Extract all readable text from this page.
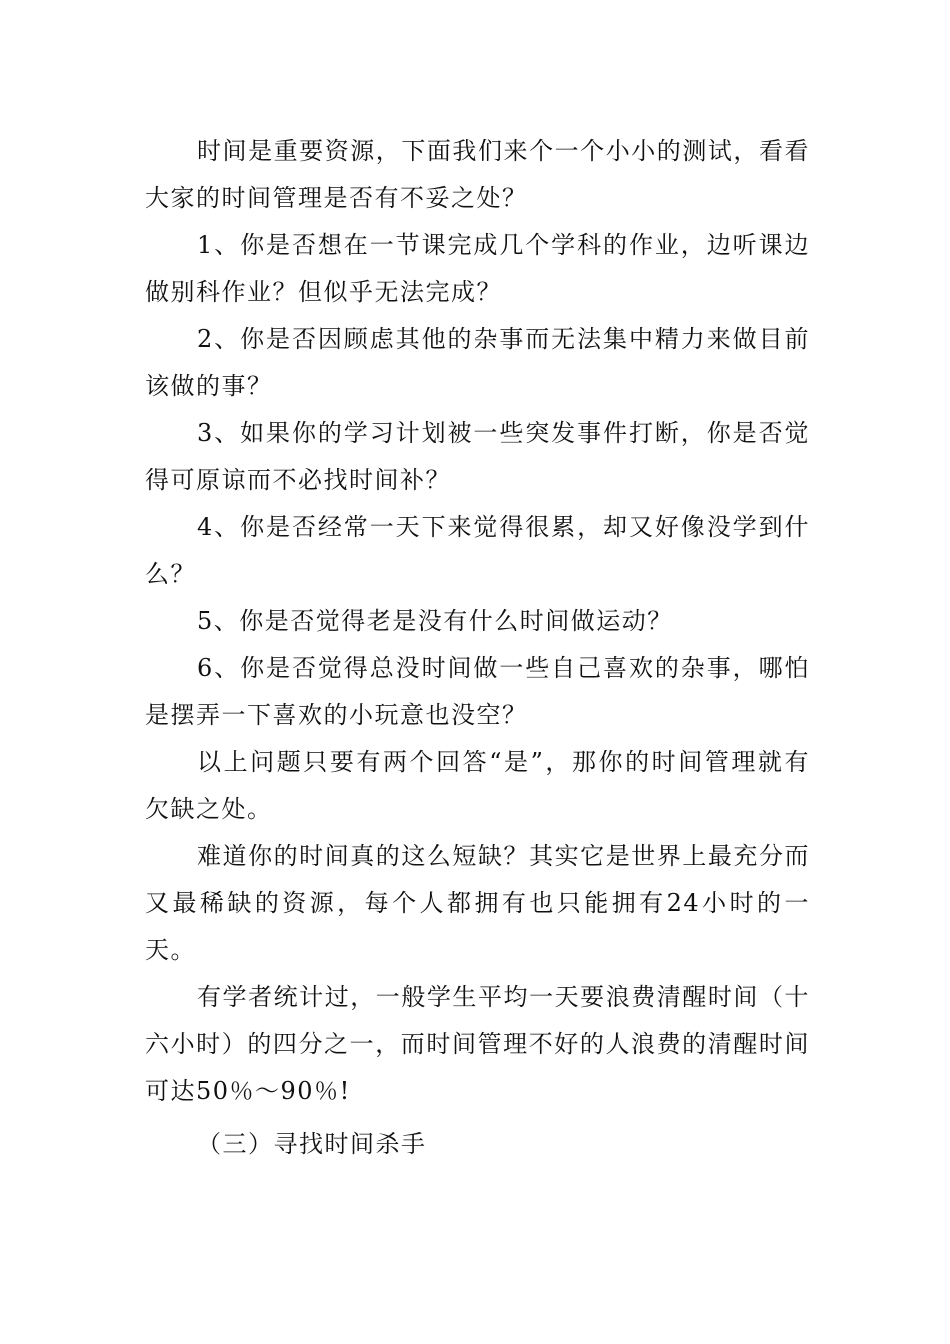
时间是重要资源，下面我们来个一个小小的测试，看看大家的时间管理是否有不妥之处？

1、你是否想在一节课完成几个学科的作业，边听课边做别科作业？但似乎无法完成？

2、你是否因顾虑其他的杂事而无法集中精力来做目前该做的事？

3、如果你的学习计划被一些突发事件打断，你是否觉得可原谅而不必找时间补？

4、你是否经常一天下来觉得很累，却又好像没学到什么？

5、你是否觉得老是没有什么时间做运动？

6、你是否觉得总没时间做一些自己喜欢的杂事，哪怕是摆弄一下喜欢的小玩意也没空？

以上问题只要有两个回答“是”，那你的时间管理就有欠缺之处。

难道你的时间真的这么短缺？其实它是世界上最充分而又最稀缺的资源，每个人都拥有也只能拥有24小时的一天。

有学者统计过，一般学生平均一天要浪费清醒时间（十六小时）的四分之一，而时间管理不好的人浪费的清醒时间可达50％～90％!

（三）寻找时间杀手
